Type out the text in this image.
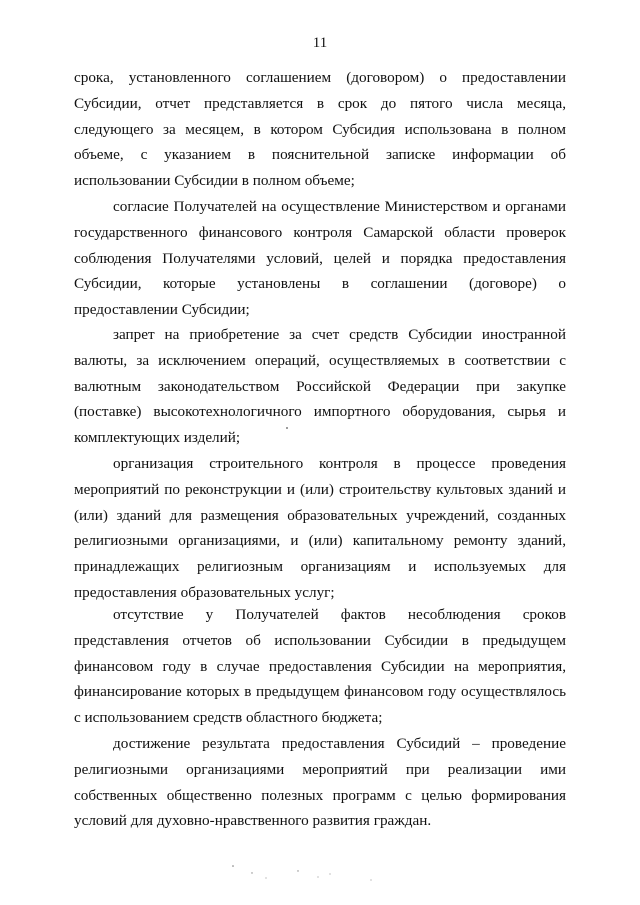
11

срока, установленного соглашением (договором) о предоставлении Субсидии, отчет представляется в срок до пятого числа месяца, следующего за месяцем, в котором Субсидия использована в полном объеме, с указанием в пояснительной записке информации об использовании Субсидии в полном объеме;

согласие Получателей на осуществление Министерством и органами государственного финансового контроля Самарской области проверок соблюдения Получателями условий, целей и порядка предоставления Субсидии, которые установлены в соглашении (договоре) о предоставлении Субсидии;

запрет на приобретение за счет средств Субсидии иностранной валюты, за исключением операций, осуществляемых в соответствии с валютным законодательством Российской Федерации при закупке (поставке) высокотехнологичного импортного оборудования, сырья и комплектующих изделий;

организация строительного контроля в процессе проведения мероприятий по реконструкции и (или) строительству культовых зданий и (или) зданий для размещения образовательных учреждений, созданных религиозными организациями, и (или) капитальному ремонту зданий, принадлежащих религиозным организациям и используемых для предоставления образовательных услуг;

отсутствие у Получателей фактов несоблюдения сроков представления отчетов об использовании Субсидии в предыдущем финансовом году в случае предоставления Субсидии на мероприятия, финансирование которых в предыдущем финансовом году осуществлялось с использованием средств областного бюджета;

достижение результата предоставления Субсидий – проведение религиозными организациями мероприятий при реализации ими собственных общественно полезных программ с целью формирования условий для духовно-нравственного развития граждан.
